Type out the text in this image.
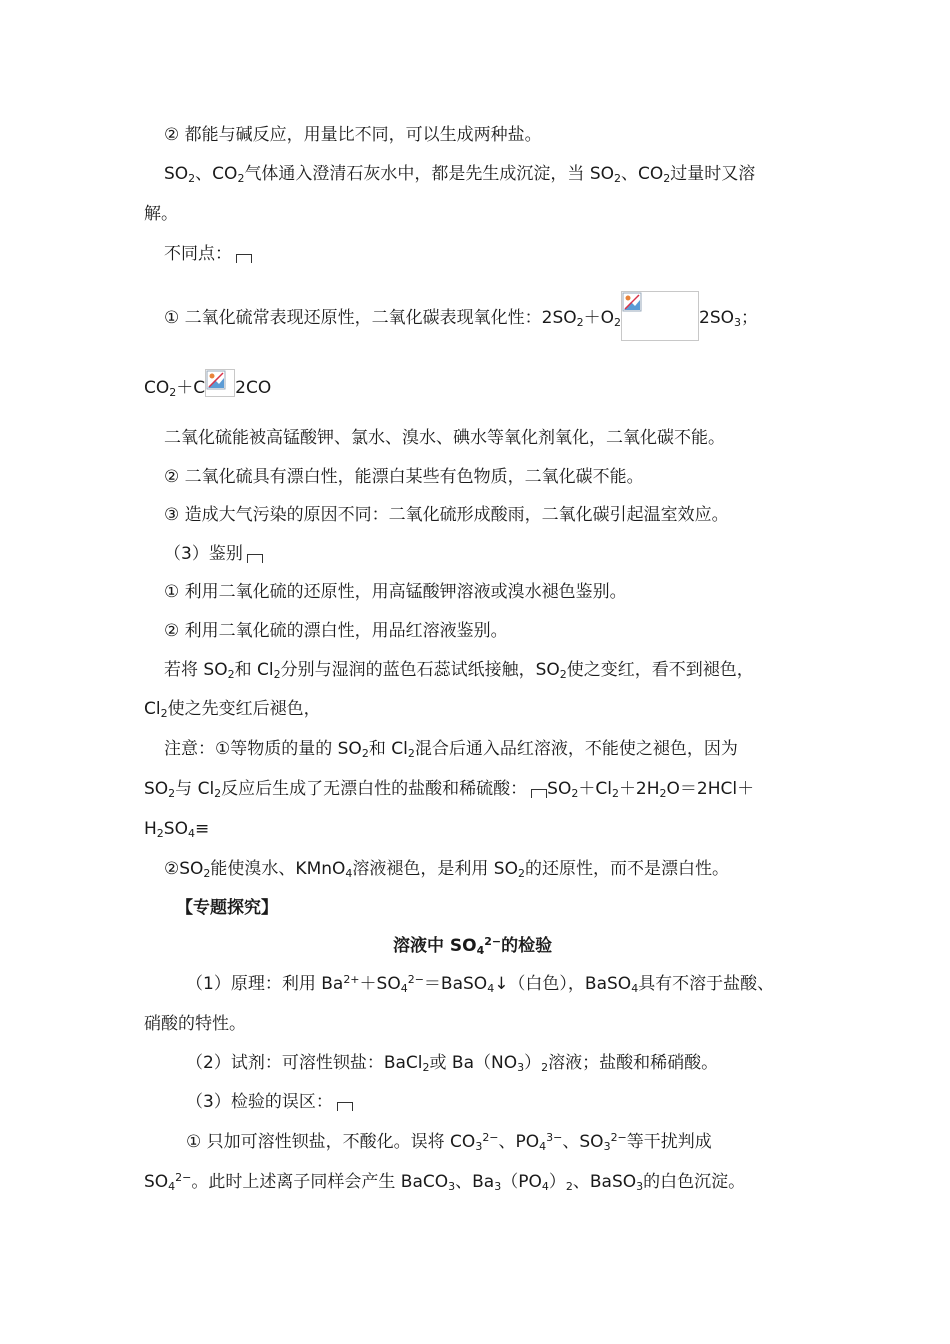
② 都能与碱反应，用量比不同，可以生成两种盐。
$SO_2$、$CO_2$气体通入澄清石灰水中，都是先生成沉淀，当 $SO_2$、$CO_2$过量时又溶
解。
不同点：
① 二氧化硫常表现还原性，二氧化碳表现氧化性：$2SO_2+O_2$	$2SO_3$；
$CO_2+C$ 2CO
二氧化硫能被高锰酸钾、氯水、溴水、碘水等氧化剂氧化，二氧化碳不能。
② 二氧化硫具有漂白性，能漂白某些有色物质，二氧化碳不能。
③ 造成大气污染的原因不同：二氧化硫形成酸雨，二氧化碳引起温室效应。
（3）鉴别
① 利用二氧化硫的还原性，用高锰酸钾溶液或溴水褪色鉴别。
② 利用二氧化硫的漂白性，用品红溶液鉴别。
若将 $SO_2$和 $Cl_2$分别与湿润的蓝色石蕊试纸接触，$SO_2$使之变红，看不到褪色，
$Cl_2$使之先变红后褪色，
注意：①等物质的量的 $SO_2$和 $Cl_2$混合后通入品红溶液，不能使之褪色，因为
$SO_2$与 $Cl_2$反应后生成了无漂白性的盐酸和稀硫酸： $SO_2+Cl_2+2H_2O=2HCl+$
$H_2SO_4\equiv$
$②SO_2$能使溴水、KMnO$_4$溶液褪色，是利用 $SO_2$的还原性，而不是漂白性。
【专题探究】
溶液中 $SO_4^{2-}$的检验
（1）原理：利用 $Ba^{2+}+SO_4^{2-}=BaSO_4↓$（白色），BaSO$_4$具有不溶于盐酸、
硝酸的特性。
（2）试剂：可溶性钡盐：BaCl$_2$或 $Ba(NO_3)_2$溶液；盐酸和稀硝酸。
（3）检验的误区：
① 只加可溶性钡盐，不酸化。误将 $CO_3^{2-}$、$PO_4^{3-}$、$SO_3^{2-}$等干扰判成
$SO_4^{2-}$。此时上述离子同样会产生 BaCO$_3$、$Ba_3(PO_4)_2$、BaSO$_3$的白色沉淀。
